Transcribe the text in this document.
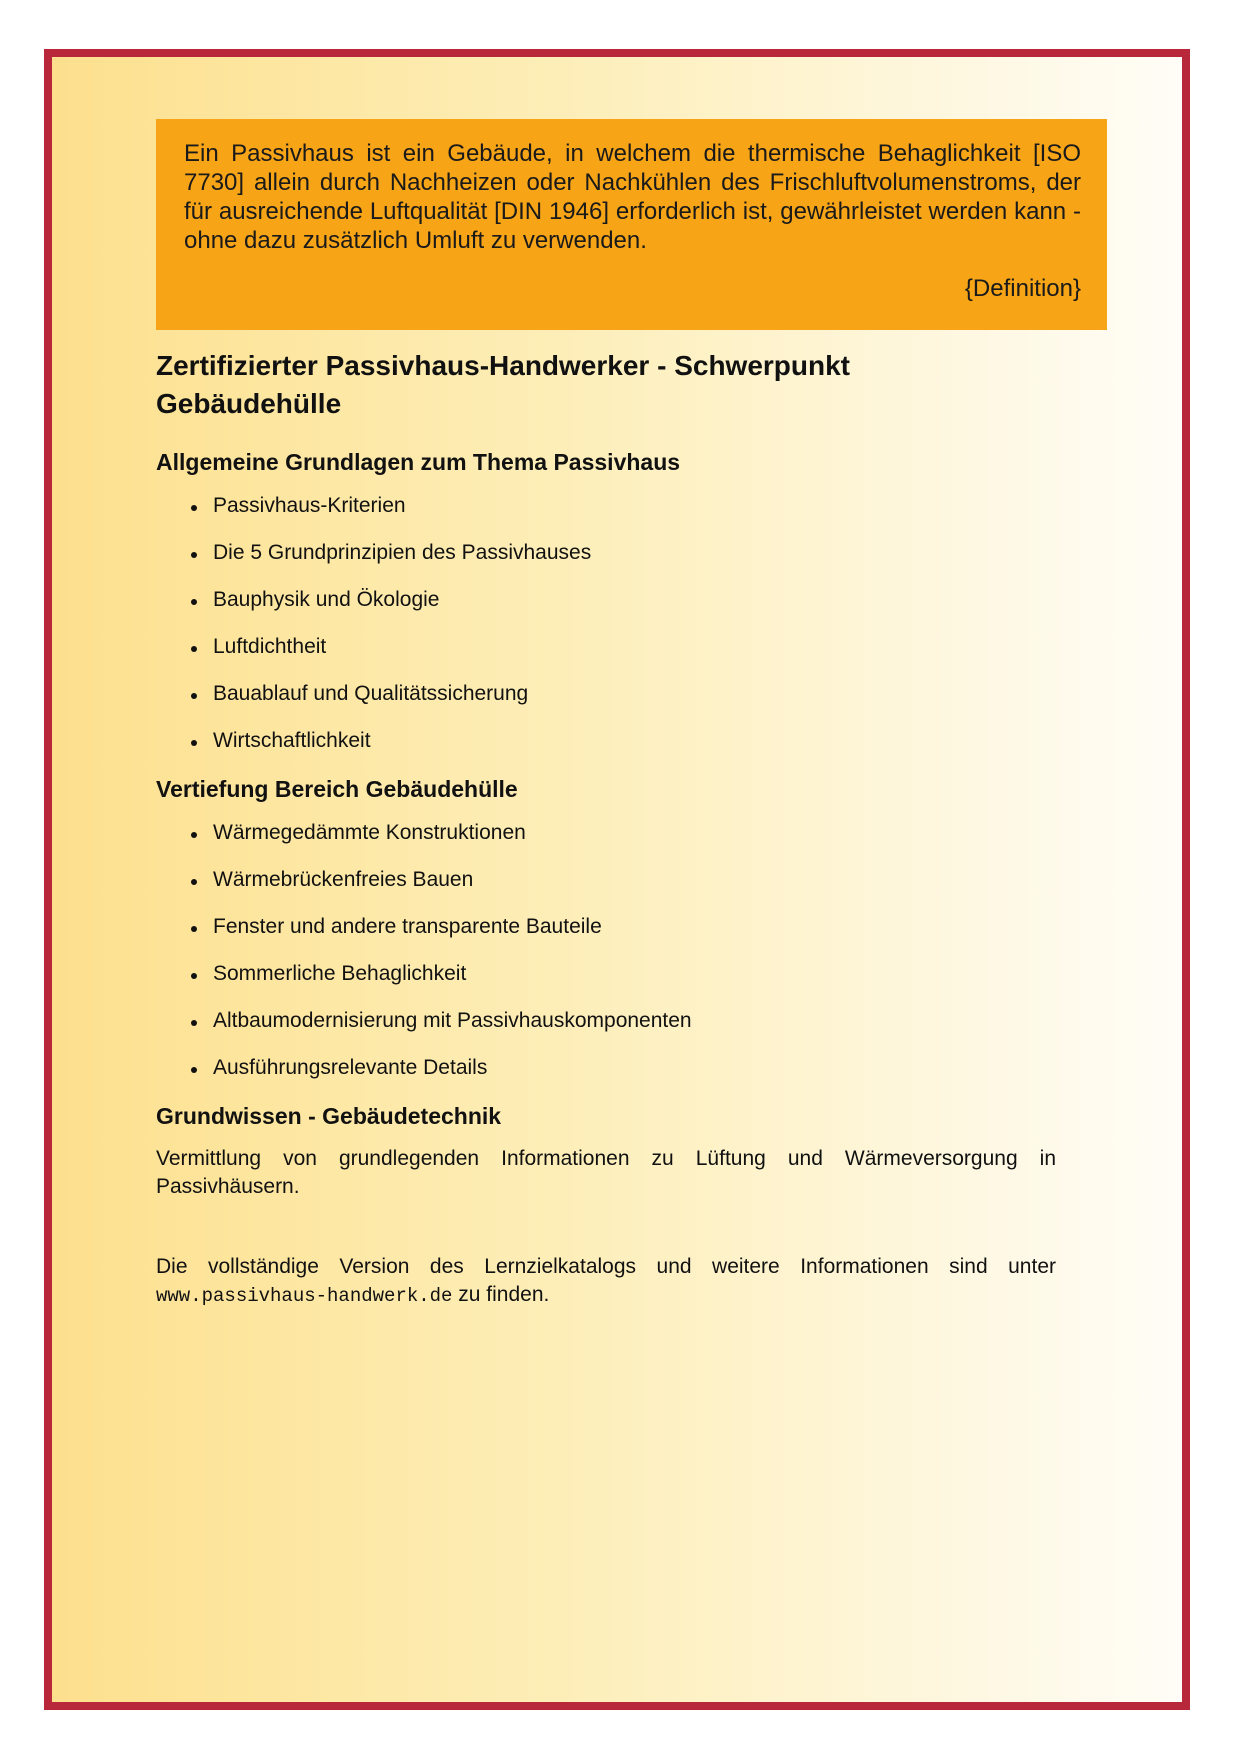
Ein Passivhaus ist ein Gebäude, in welchem die thermische Behaglichkeit [ISO 7730] allein durch Nachheizen oder Nachkühlen des Frischluftvolumenstroms, der für ausreichende Luftqualität [DIN 1946] erforderlich ist, gewährleistet werden kann - ohne dazu zusätzlich Umluft zu verwenden.

{Definition}

Zertifizierter Passivhaus-Handwerker - Schwerpunkt Gebäudehülle
Allgemeine Grundlagen zum Thema Passivhaus
Passivhaus-Kriterien
Die 5 Grundprinzipien des Passivhauses
Bauphysik und Ökologie
Luftdichtheit
Bauablauf und Qualitätssicherung
Wirtschaftlichkeit
Vertiefung Bereich Gebäudehülle
Wärmegedämmte Konstruktionen
Wärmebrückenfreies Bauen
Fenster und andere transparente Bauteile
Sommerliche Behaglichkeit
Altbaumodernisierung mit Passivhauskomponenten
Ausführungsrelevante Details
Grundwissen - Gebäudetechnik

Vermittlung von grundlegenden Informationen zu Lüftung und Wärmeversorgung in Passivhäusern.

Die vollständige Version des Lernzielkatalogs und weitere Informationen sind unter www.passivhaus-handwerk.de zu finden.
